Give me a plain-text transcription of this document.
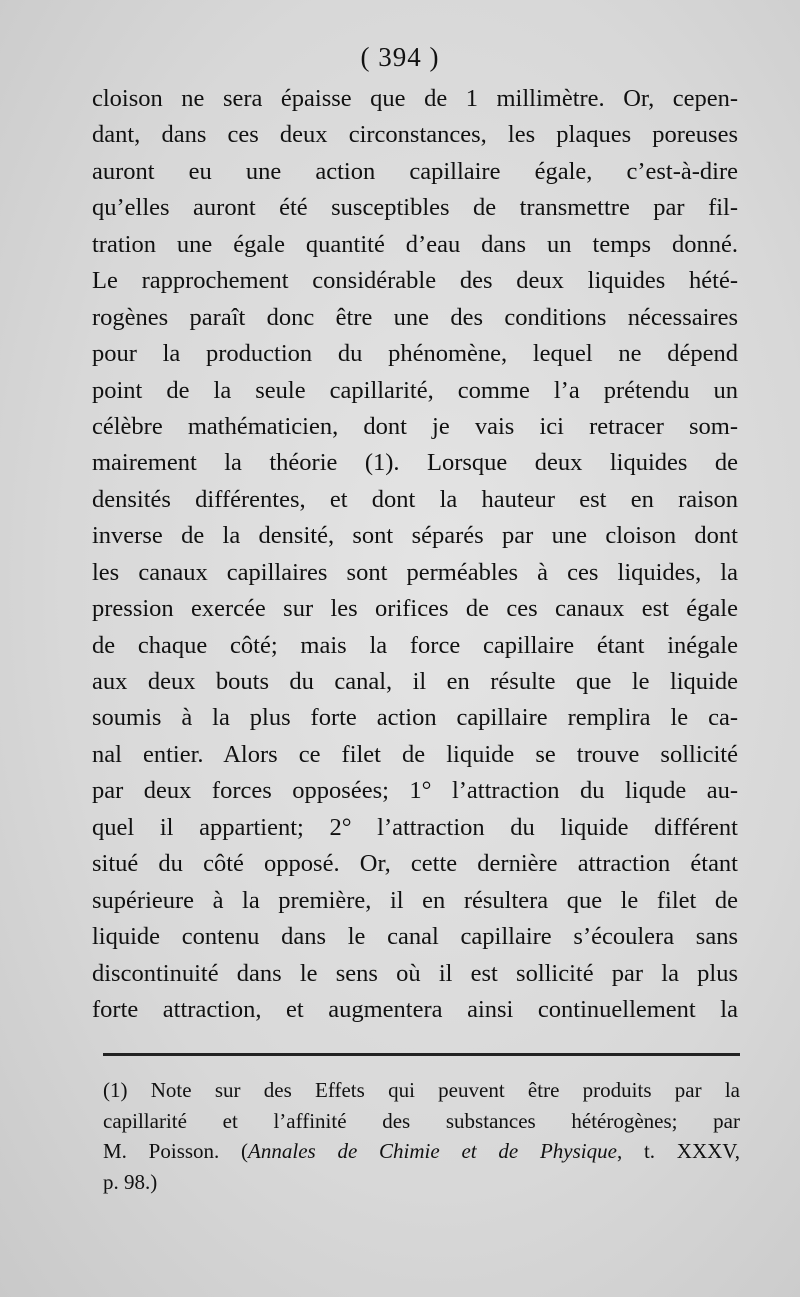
( 394 )
cloison ne sera épaisse que de 1 millimètre. Or, cepen-
dant, dans ces deux circonstances, les plaques poreuses
auront eu une action capillaire égale, c’est-à-dire
qu’elles auront été susceptibles de transmettre par fil-
tration une égale quantité d’eau dans un temps donné.
Le rapprochement considérable des deux liquides hété-
rogènes paraît donc être une des conditions nécessaires
pour la production du phénomène, lequel ne dépend
point de la seule capillarité, comme l’a prétendu un
célèbre mathématicien, dont je vais ici retracer som-
mairement la théorie (1). Lorsque deux liquides de
densités différentes, et dont la hauteur est en raison
inverse de la densité, sont séparés par une cloison dont
les canaux capillaires sont perméables à ces liquides, la
pression exercée sur les orifices de ces canaux est égale
de chaque côté; mais la force capillaire étant inégale
aux deux bouts du canal, il en résulte que le liquide
soumis à la plus forte action capillaire remplira le ca-
nal entier. Alors ce filet de liquide se trouve sollicité
par deux forces opposées; 1° l’attraction du liqude au-
quel il appartient; 2° l’attraction du liquide différent
situé du côté opposé. Or, cette dernière attraction étant
supérieure à la première, il en résultera que le filet de
liquide contenu dans le canal capillaire s’écoulera sans
discontinuité dans le sens où il est sollicité par la plus
forte attraction, et augmentera ainsi continuellement la
(1) Note sur des Effets qui peuvent être produits par la
capillarité et l’affinité des substances hétérogènes; par
M. Poisson. (Annales de Chimie et de Physique, t. XXXV,
p. 98.)
